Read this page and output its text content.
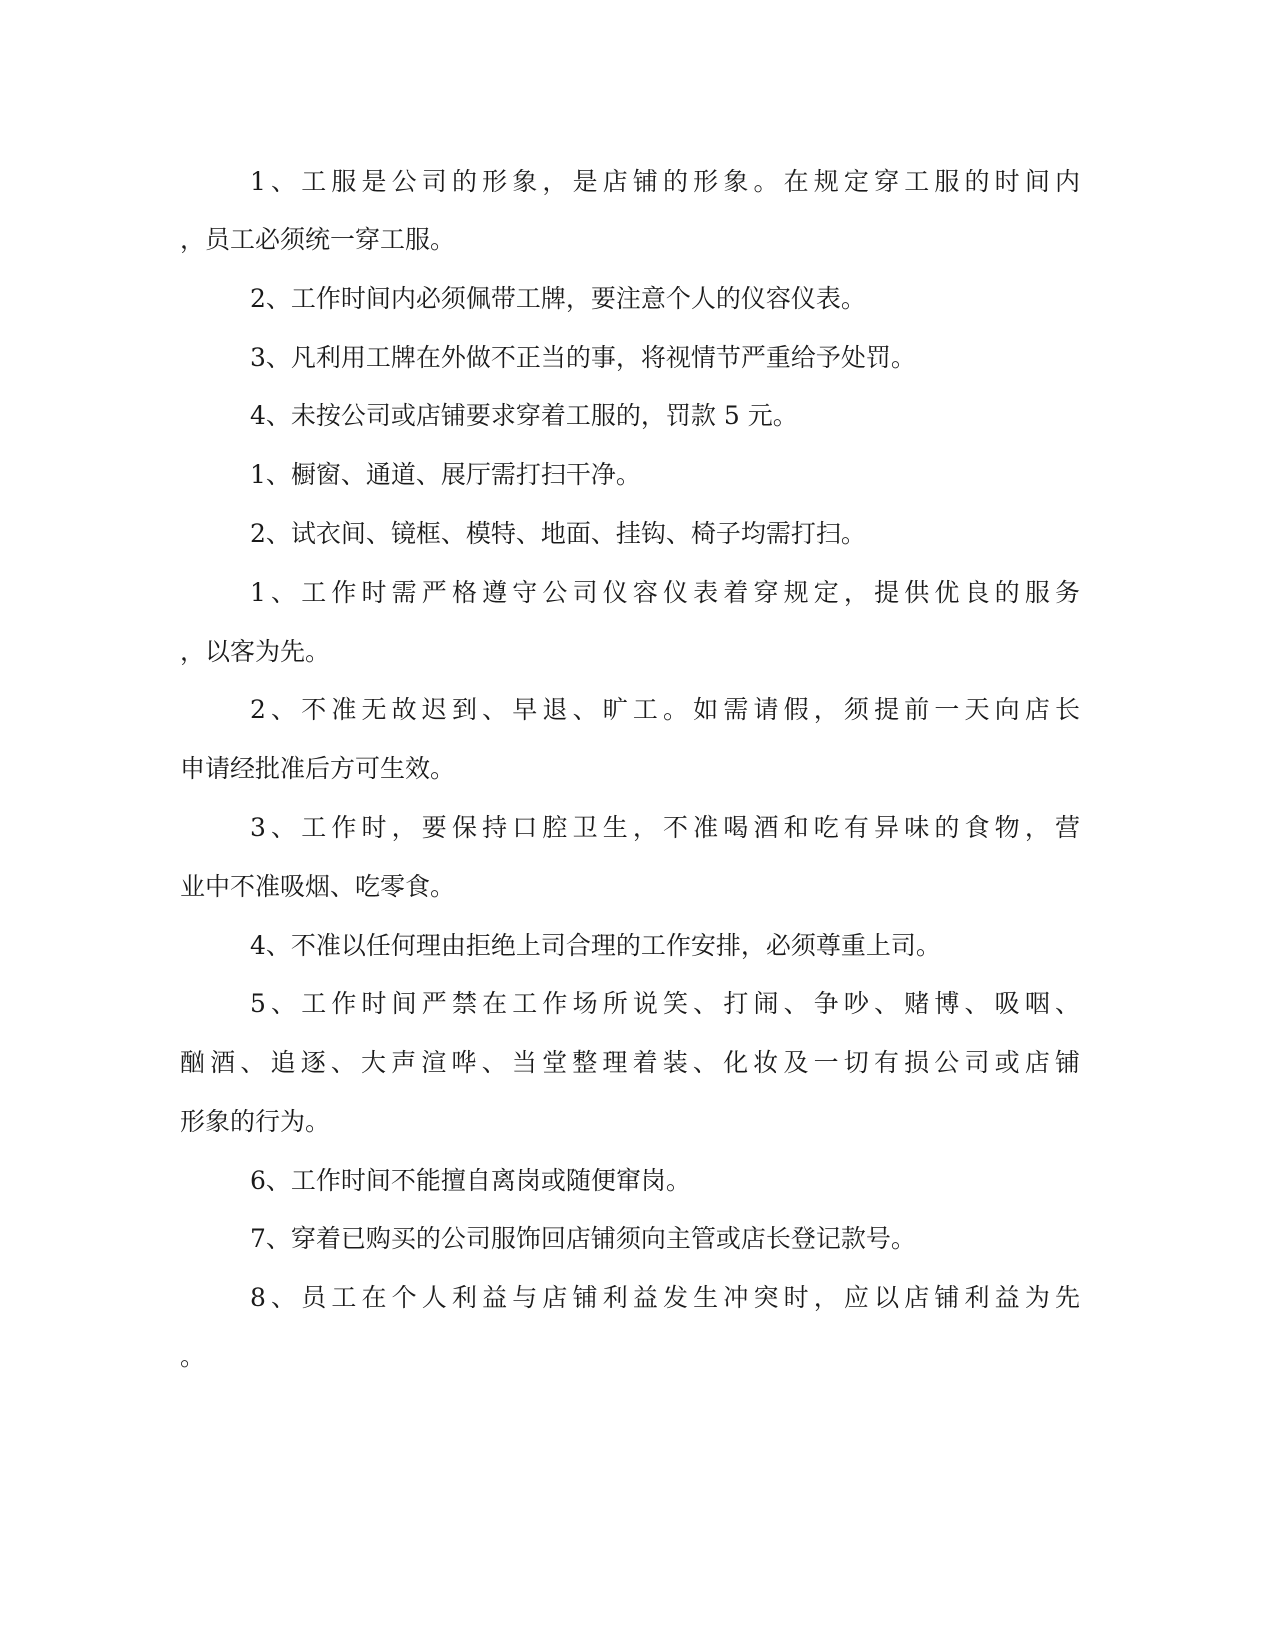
1、工服是公司的形象，是店铺的形象。在规定穿工服的时间内
，员工必须统一穿工服。
2、工作时间内必须佩带工牌，要注意个人的仪容仪表。
3、凡利用工牌在外做不正当的事，将视情节严重给予处罚。
4、未按公司或店铺要求穿着工服的，罚款 5 元。
1、橱窗、通道、展厅需打扫干净。
2、试衣间、镜框、模特、地面、挂钩、椅子均需打扫。
1、工作时需严格遵守公司仪容仪表着穿规定，提供优良的服务
，以客为先。
2、不准无故迟到、早退、旷工。如需请假，须提前一天向店长
申请经批准后方可生效。
3、工作时，要保持口腔卫生，不准喝酒和吃有异味的食物，营
业中不准吸烟、吃零食。
4、不准以任何理由拒绝上司合理的工作安排，必须尊重上司。
5、工作时间严禁在工作场所说笑、打闹、争吵、赌博、吸咽、
酗酒、追逐、大声渲哗、当堂整理着装、化妆及一切有损公司或店铺
形象的行为。
6、工作时间不能擅自离岗或随便窜岗。
7、穿着已购买的公司服饰回店铺须向主管或店长登记款号。
8、员工在个人利益与店铺利益发生冲突时，应以店铺利益为先
。
